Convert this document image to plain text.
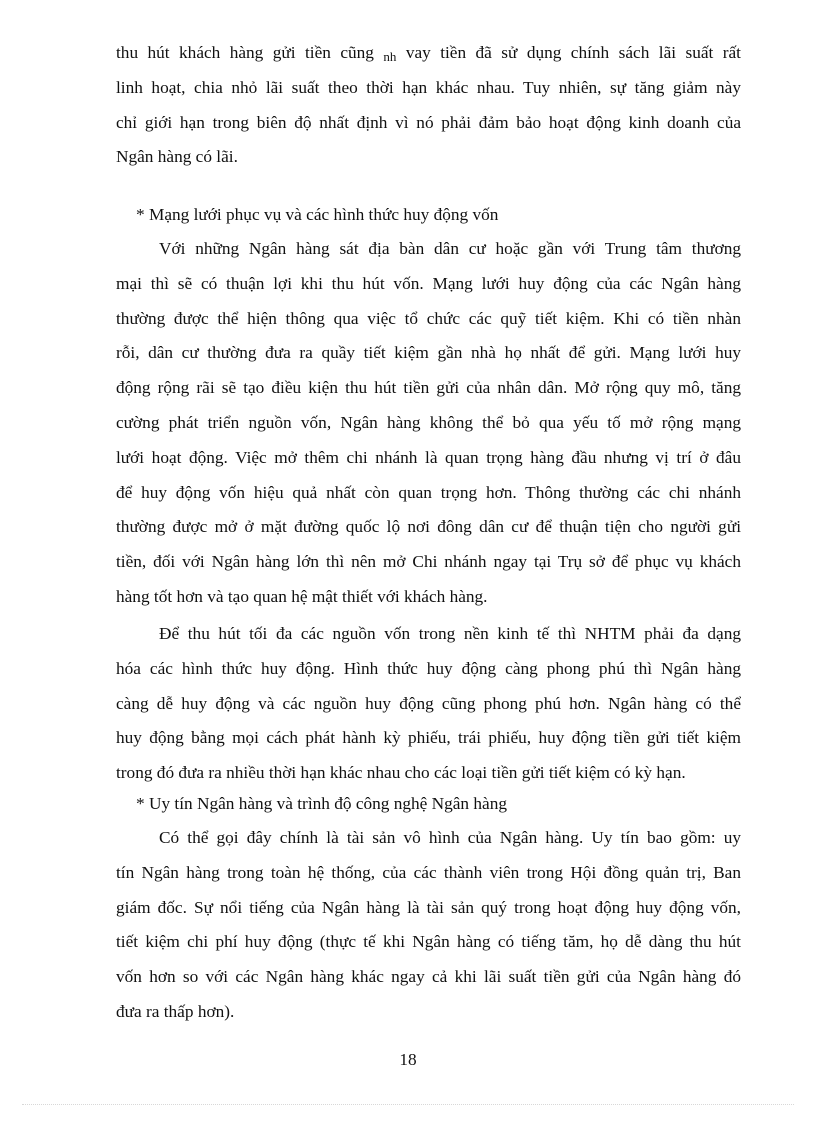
thu hút khách hàng gửi tiền cũng $_{nh}$ vay tiền đã sử dụng chính sách lãi suất rất
linh hoạt, chia nhỏ lãi suất theo thời hạn khác nhau. Tuy nhiên, sự tăng giảm này
chỉ giới hạn trong biên độ nhất định vì nó phải đảm bảo hoạt động kinh doanh của
Ngân hàng có lãi.
* Mạng lưới phục vụ và các hình thức huy động vốn
Với những Ngân hàng sát địa bàn dân cư hoặc gần với Trung tâm thương
mại thì sẽ có thuận lợi khi thu hút vốn. Mạng lưới huy động của các Ngân hàng
thường được thể hiện thông qua việc tổ chức các quỹ tiết kiệm. Khi có tiền nhàn
rỗi, dân cư thường đưa ra quầy tiết kiệm gần nhà họ nhất để gửi. Mạng lưới huy
động rộng rãi sẽ tạo điều kiện thu hút tiền gửi của nhân dân. Mở rộng quy mô, tăng
cường phát triển nguồn vốn, Ngân hàng không thể bỏ qua yếu tố mở rộng mạng
lưới hoạt động. Việc mở thêm chi nhánh là quan trọng hàng đầu nhưng vị trí ở đâu
để huy động vốn hiệu quả nhất còn quan trọng hơn. Thông thường các chi nhánh
thường được mở ở mặt đường quốc lộ nơi đông dân cư để thuận tiện cho người gửi
tiền, đối với Ngân hàng lớn thì nên mở Chi nhánh ngay tại Trụ sở để phục vụ khách
hàng tốt hơn và tạo quan hệ mật thiết với khách hàng.
Để thu hút tối đa các nguồn vốn trong nền kinh tế thì NHTM phải đa dạng
hóa các hình thức huy động. Hình thức huy động càng phong phú thì Ngân hàng
càng dễ huy động và các nguồn huy động cũng phong phú hơn. Ngân hàng có thể
huy động bằng mọi cách phát hành kỳ phiếu, trái phiếu, huy động tiền gửi tiết kiệm
trong đó đưa ra nhiều thời hạn khác nhau cho các loại tiền gửi tiết kiệm có kỳ hạn.
* Uy tín Ngân hàng và trình độ công nghệ Ngân hàng
Có thể gọi đây chính là tài sản vô hình của Ngân hàng. Uy tín bao gồm: uy
tín Ngân hàng trong toàn hệ thống, của các thành viên trong Hội đồng quản trị, Ban
giám đốc. Sự nổi tiếng của Ngân hàng là tài sản quý trong hoạt động huy động vốn,
tiết kiệm chi phí huy động (thực tế khi Ngân hàng có tiếng tăm, họ dễ dàng thu hút
vốn hơn so với các Ngân hàng khác ngay cả khi lãi suất tiền gửi của Ngân hàng đó
đưa ra thấp hơn).
18
